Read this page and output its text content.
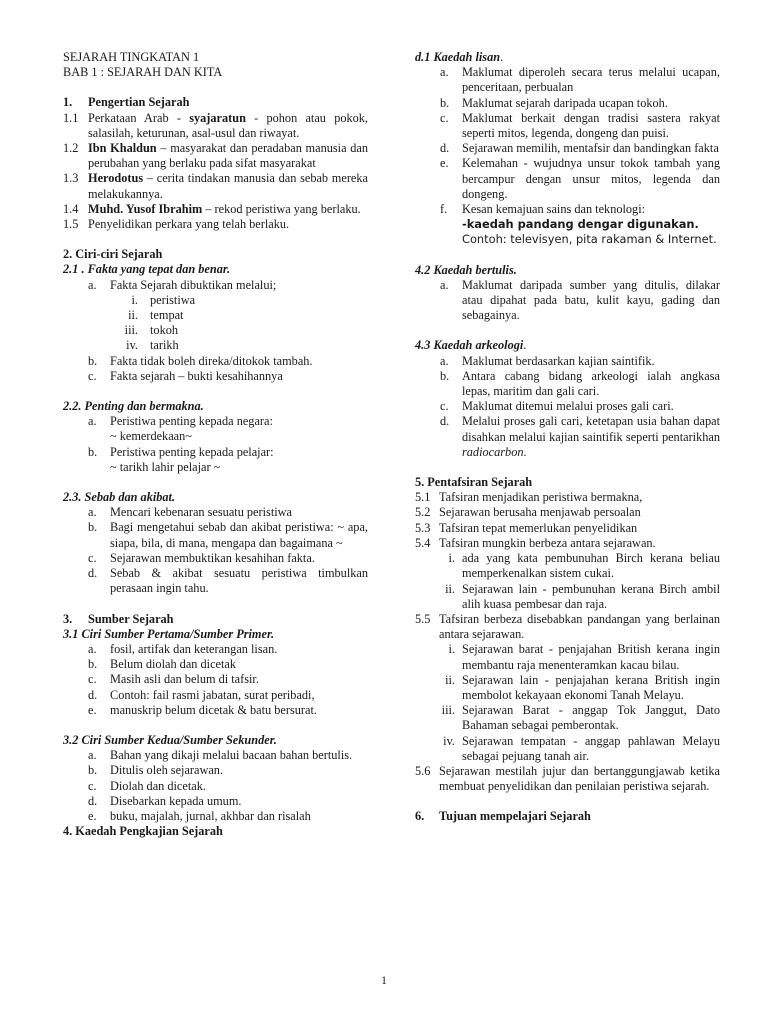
SEJARAH TINGKATAN 1
BAB 1 : SEJARAH DAN KITA
1.	Pengertian Sejarah
1.1 Perkataan Arab - syajaratun - pohon atau pokok, salasilah, keturunan, asal-usul dan riwayat.
1.2 Ibn Khaldun – masyarakat dan peradaban manusia dan perubahan yang berlaku pada sifat masyarakat
1.3 Herodotus – cerita tindakan manusia dan sebab mereka melakukannya.
1.4 Muhd. Yusof Ibrahim – rekod peristiwa yang berlaku.
1.5 Penyelidikan perkara yang telah berlaku.
2. Ciri-ciri Sejarah
2.1 . Fakta yang tepat dan benar.
a.	Fakta Sejarah dibuktikan melalui;
i. peristiwa
ii. tempat
iii. tokoh
iv. tarikh
b.	Fakta tidak boleh direka/ditokok tambah.
c.	Fakta sejarah – bukti kesahihannya
2.2. Penting dan bermakna.
a.	Peristiwa penting kepada negara:
~ kemerdekaan~
b.	Peristiwa penting kepada pelajar:
~ tarikh lahir pelajar ~
2.3. Sebab dan akibat.
a.	Mencari kebenaran sesuatu peristiwa
b.	Bagi mengetahui sebab dan akibat peristiwa: ~ apa, siapa, bila, di mana, mengapa dan bagaimana ~
c.	Sejarawan membuktikan kesahihan fakta.
d.	Sebab & akibat sesuatu peristiwa timbulkan perasaan ingin tahu.
3.	Sumber Sejarah
3.1 Ciri Sumber Pertama/Sumber Primer.
a.	fosil, artifak dan keterangan lisan.
b.	Belum diolah dan dicetak
c.	Masih asli dan belum di tafsir.
d.	Contoh: fail rasmi jabatan, surat peribadi,
e.	manuskrip belum dicetak & batu bersurat.
3.2 Ciri Sumber Kedua/Sumber Sekunder.
a.	Bahan yang dikaji melalui bacaan bahan bertulis.
b.	Ditulis oleh sejarawan.
c.	Diolah dan dicetak.
d.	Disebarkan kepada umum.
e.	buku, majalah, jurnal, akhbar dan risalah
4. Kaedah Pengkajian Sejarah
d.1 Kaedah lisan.
a.	Maklumat diperoleh secara terus melalui ucapan, penceritaan, perbualan
b.	Maklumat sejarah daripada ucapan tokoh.
c.	Maklumat berkait dengan tradisi sastera rakyat seperti mitos, legenda, dongeng dan puisi.
d.	Sejarawan memilih, mentafsir dan bandingkan fakta
e.	Kelemahan - wujudnya unsur tokok tambah yang bercampur dengan unsur mitos, legenda dan dongeng.
f.	Kesan kemajuan sains dan teknologi:
-kaedah pandang dengar digunakan.
Contoh: televisyen, pita rakaman & Internet.
4.2 Kaedah bertulis.
a.	Maklumat daripada sumber yang ditulis, dilakar atau dipahat pada batu, kulit kayu, gading dan sebagainya.
4.3 Kaedah arkeologi.
a.	Maklumat berdasarkan kajian saintifik.
b.	Antara cabang bidang arkeologi ialah angkasa lepas, maritim dan gali cari.
c.	Maklumat ditemui melalui proses gali cari.
d.	Melalui proses gali cari, ketetapan usia bahan dapat disahkan melalui kajian saintifik seperti pentarikhan radiocarbon.
5. Pentafsiran Sejarah
5.1 Tafsiran menjadikan peristiwa bermakna,
5.2 Sejarawan berusaha menjawab persoalan
5.3 Tafsiran tepat memerlukan penyelidikan
5.4 Tafsiran mungkin berbeza antara sejarawan.
i. ada yang kata pembunuhan Birch kerana beliau memperkenalkan sistem cukai.
ii. Sejarawan lain - pembunuhan kerana Birch ambil alih kuasa pembesar dan raja.
5.5 Tafsiran berbeza disebabkan pandangan yang berlainan antara sejarawan.
i. Sejarawan barat - penjajahan British kerana ingin membantu raja menenteramkan kacau bilau.
ii. Sejarawan lain - penjajahan kerana British ingin membolot kekayaan ekonomi Tanah Melayu.
iii. Sejarawan Barat - anggap Tok Janggut, Dato Bahaman sebagai pemberontak.
iv. Sejarawan tempatan - anggap pahlawan Melayu sebagai pejuang tanah air.
5.6 Sejarawan mestilah jujur dan bertanggungjawab ketika membuat penyelidikan dan penilaian peristiwa sejarah.
6.	Tujuan mempelajari Sejarah
1
